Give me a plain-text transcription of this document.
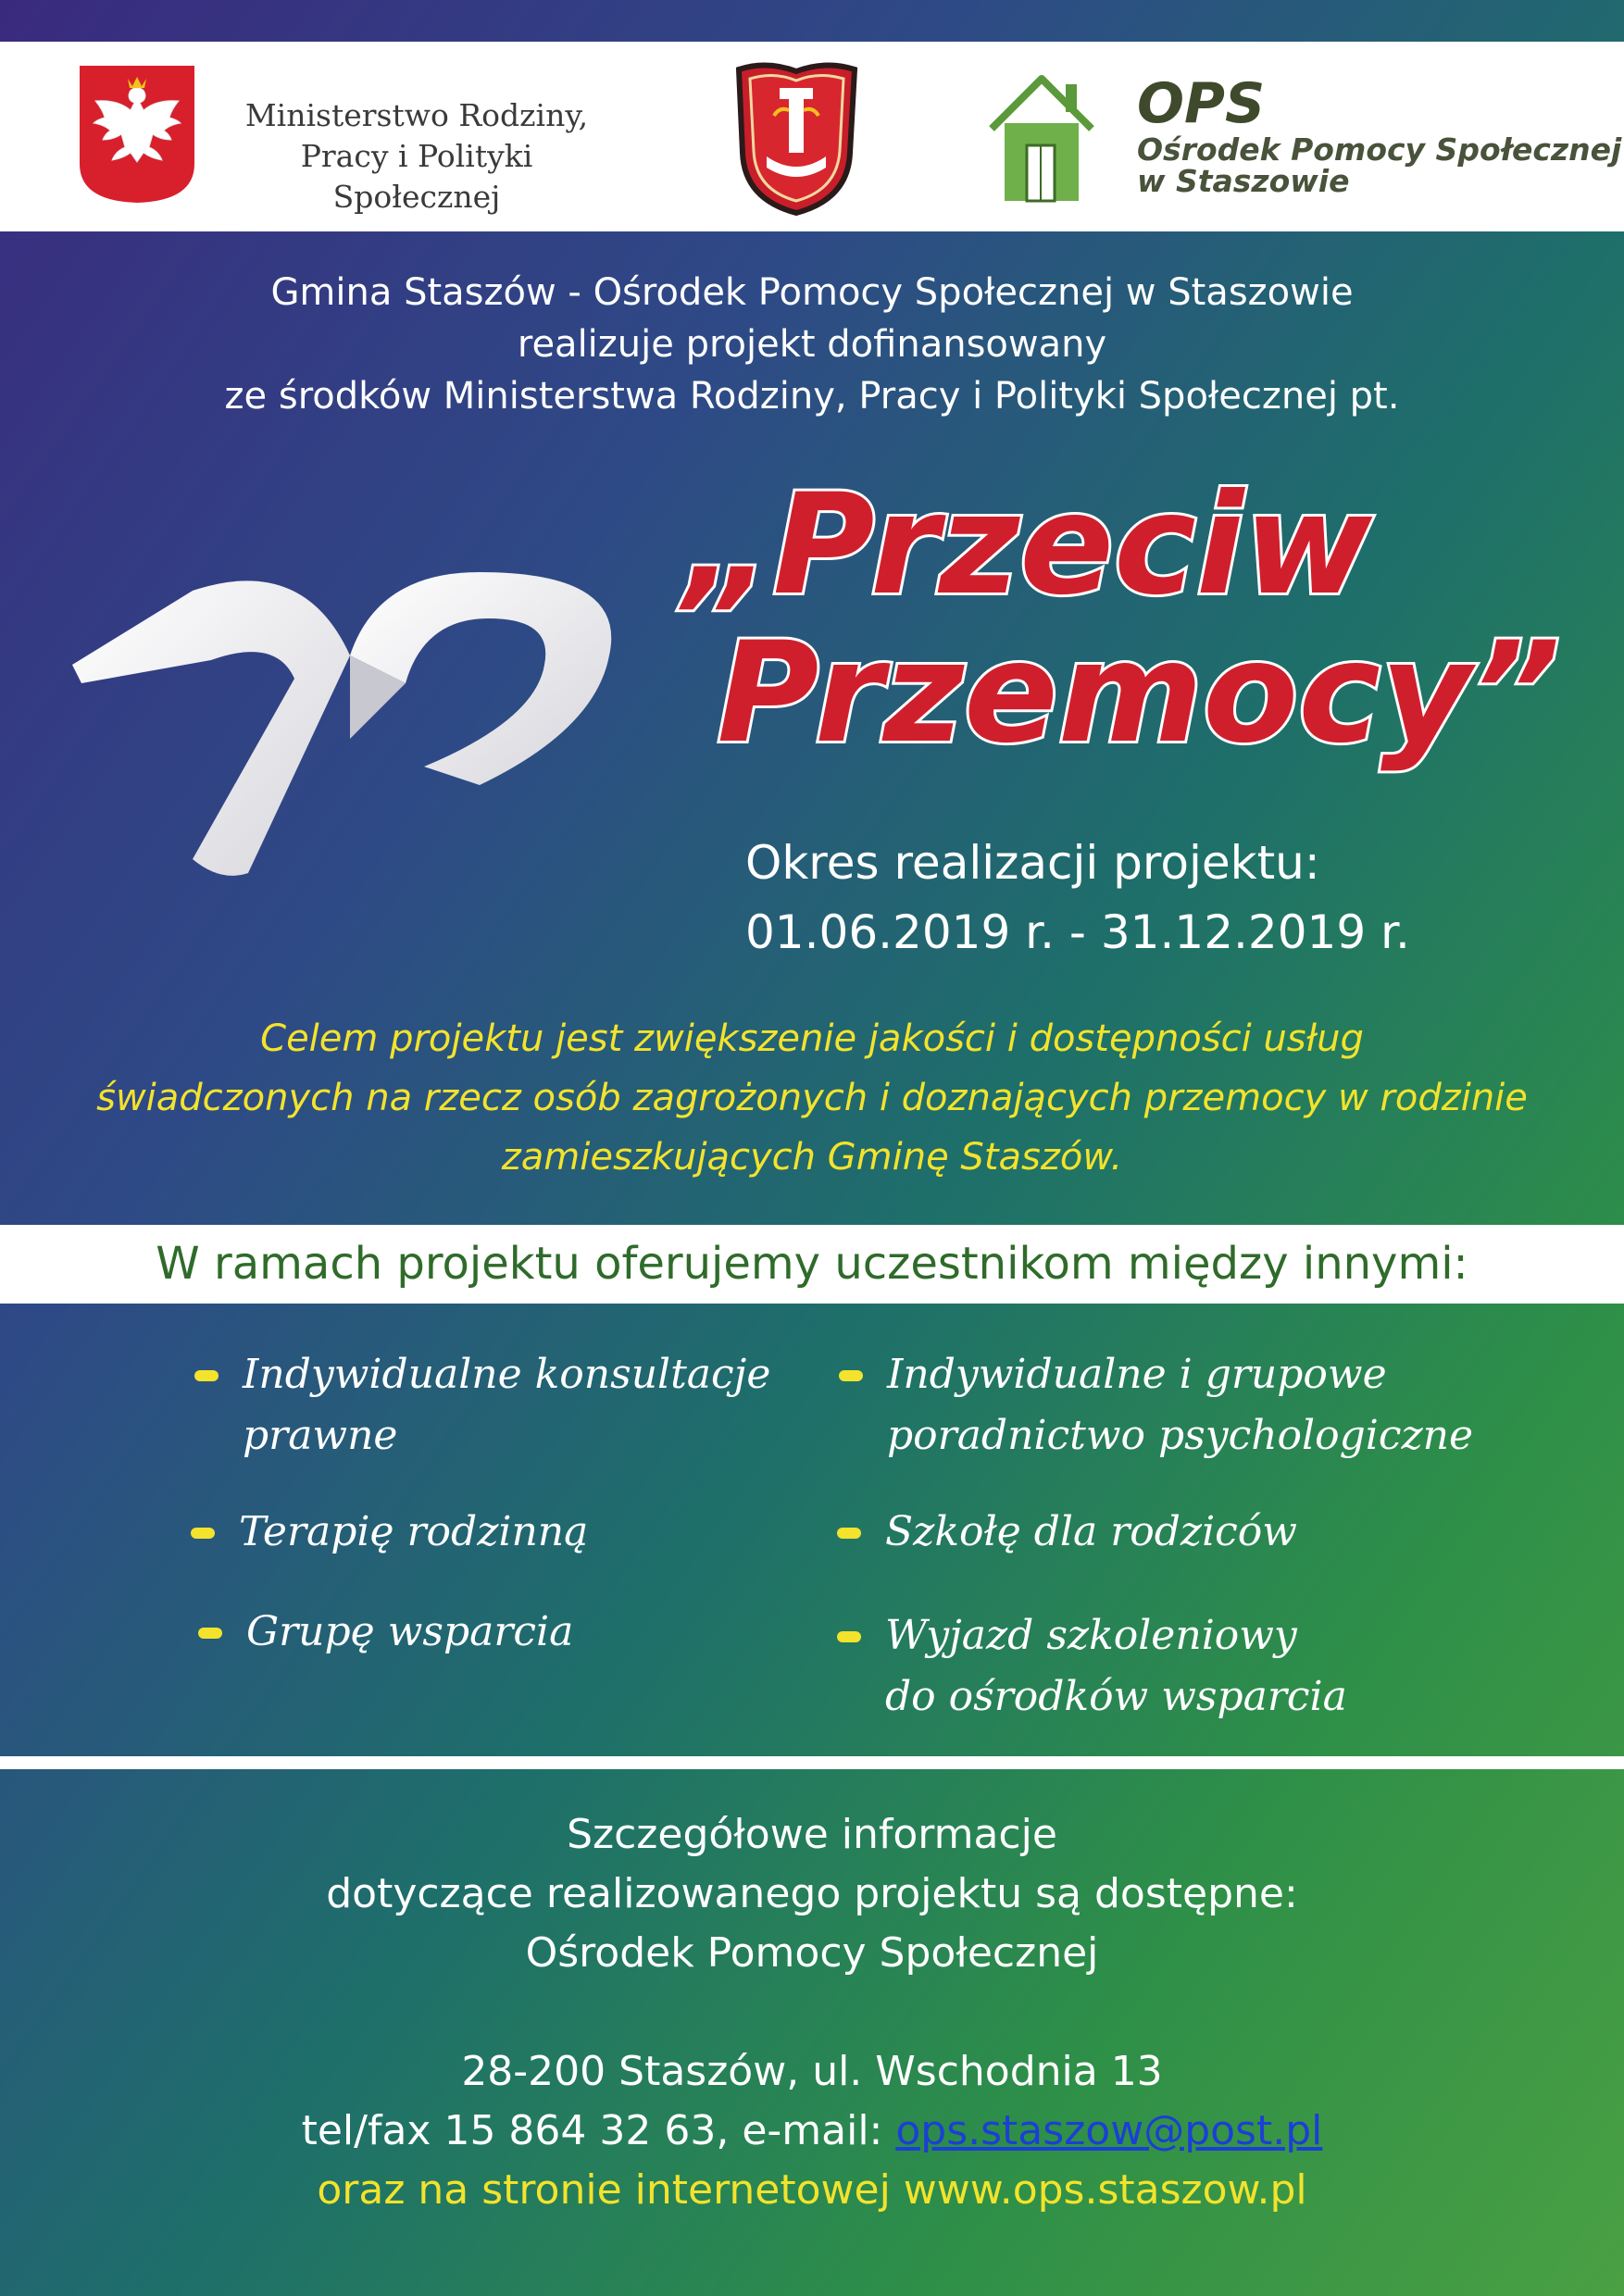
Ministerstwo Rodziny,
Pracy i Polityki Społecznej
OPS
Ośrodek Pomocy Społecznej
w Staszowie
Gmina Staszów - Ośrodek Pomocy Społecznej w Staszowie
realizuje projekt dofinansowany
ze środków Ministerstwa Rodziny, Pracy i Polityki Społecznej pt.
„Przeciw
Przemocy”
Okres realizacji projektu:
01.06.2019 r. - 31.12.2019 r.
Celem projektu jest zwiększenie jakości i dostępności usług
świadczonych na rzecz osób zagrożonych i doznających przemocy w rodzinie
zamieszkujących Gminę Staszów.
W ramach projektu oferujemy uczestnikom między innymi:
Indywidualne konsultacje
prawne
Indywidualne i grupowe
poradnictwo psychologiczne
Terapię rodzinną	Szkołę dla rodziców
Grupę wsparcia	Wyjazd szkoleniowy
do ośrodków wsparcia
Szczegółowe informacje
dotyczące realizowanego projektu są dostępne:
Ośrodek Pomocy Społecznej
28-200 Staszów, ul. Wschodnia 13
tel/fax 15 864 32 63, e-mail: ops.staszow@post.pl
oraz na stronie internetowej www.ops.staszow.pl
